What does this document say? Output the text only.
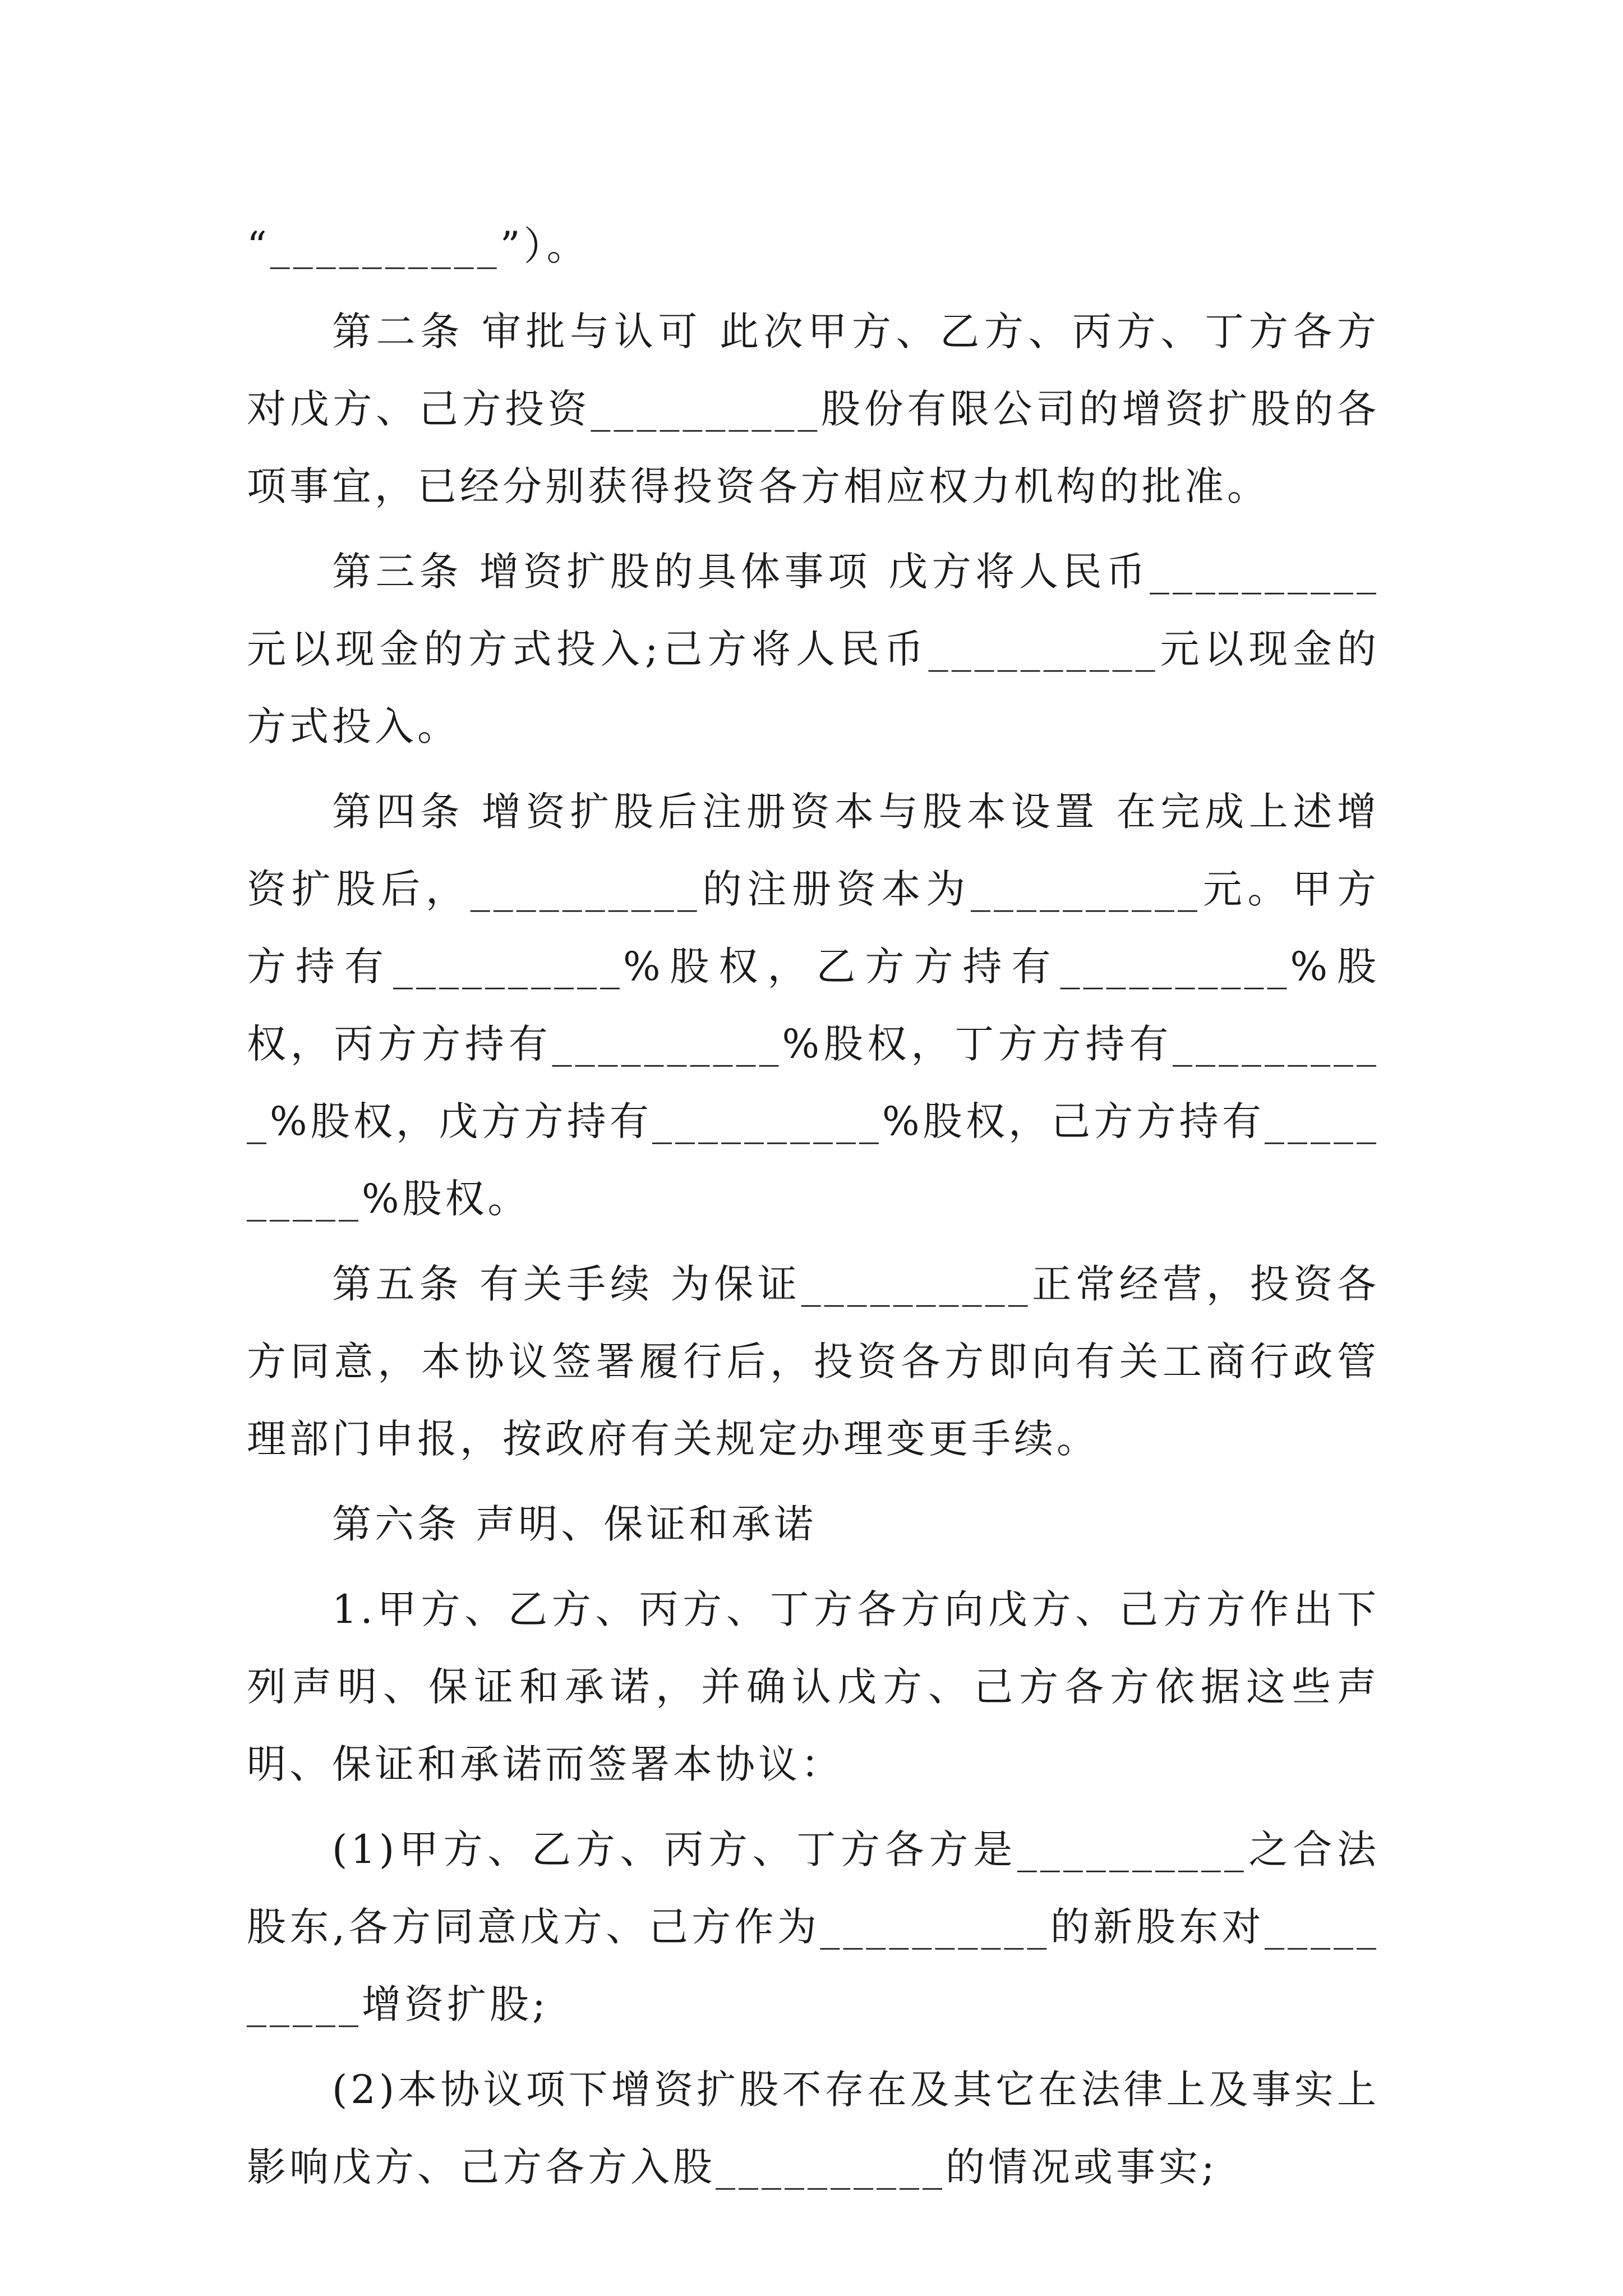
“__________”）。

第二条 审批与认可 此次甲方、乙方、丙方、丁方各方对戊方、己方投资__________股份有限公司的增资扩股的各项事宜，已经分别获得投资各方相应权力机构的批准。

第三条 增资扩股的具体事项 戊方将人民币__________元以现金的方式投入;己方将人民币__________元以现金的方式投入。

第四条 增资扩股后注册资本与股本设置 在完成上述增资扩股后，__________的注册资本为__________元。甲方方持有__________%股权，乙方方持有__________%股权，丙方方持有__________%股权，丁方方持有__________%股权，戊方方持有__________%股权，己方方持有__________%股权。

第五条 有关手续 为保证__________正常经营，投资各方同意，本协议签署履行后，投资各方即向有关工商行政管理部门申报，按政府有关规定办理变更手续。

第六条 声明、保证和承诺

1.甲方、乙方、丙方、丁方各方向戊方、己方方作出下列声明、保证和承诺，并确认戊方、己方各方依据这些声明、保证和承诺而签署本协议：

(1)甲方、乙方、丙方、丁方各方是__________之合法股东,各方同意戊方、己方作为__________的新股东对__________增资扩股;

(2)本协议项下增资扩股不存在及其它在法律上及事实上影响戊方、己方各方入股__________的情况或事实;
